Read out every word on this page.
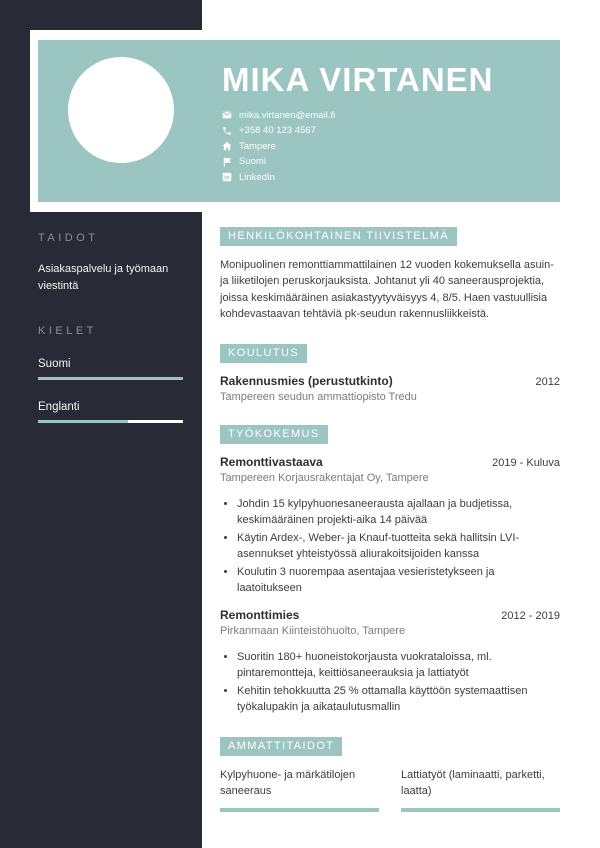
MIKA VIRTANEN
mika.virtanen@email.fi
+358 40 123 4567
Tampere
Suomi
in LinkedIn
TAIDOT
Asiakaspalvelu ja työmaan viestintä
KIELET
Suomi
Englanti
HENKILÖKOHTAINEN TIIVISTELMÄ

Monipuolinen remonttiammattilainen 12 vuoden kokemuksella asuin- ja liiketilojen peruskorjauksista. Johtanut yli 40 saneerausprojektia, joissa keskimääräinen asiakastyytyväisyys 4, 8/5. Haen vastuullisia kohdevastaavan tehtäviä pk-seudun rakennusliikkeistä.

KOULUTUS
Rakennusmies (perustutkinto)	2012
Tampereen seudun ammattiopisto Tredu
TYÖKOKEMUS
Remonttivastaava	2019 - Kuluva
Tampereen Korjausrakentajat Oy, Tampere
• Johdin 15 kylpyhuonesaneerausta ajallaan ja budjetissa, keskimääräinen projekti-aika 14 päivää
• Käytin Ardex-, Weber- ja Knauf-tuotteita sekä hallitsin LVI-asennukset yhteistyössä aliurakoitsijoiden kanssa
• Koulutin 3 nuorempaa asentajaa vesieristetykseen ja laatoitukseen
Remonttimies	2012 - 2019
Pirkanmaan Kiinteistöhuolto, Tampere
• Suoritin 180+ huoneistokorjausta vuokrataloissa, ml. pintaremontteja, keittiösaneerauksia ja lattiatyöt
• Kehitin tehokkuutta 25 % ottamalla käyttöön systemaattisen työkalupakin ja aikataulutusmallin
AMMATTITAIDOT
Kylpyhuone- ja märkätilojen saneeraus
Lattiatyöt (laminaatti, parketti, laatta)
